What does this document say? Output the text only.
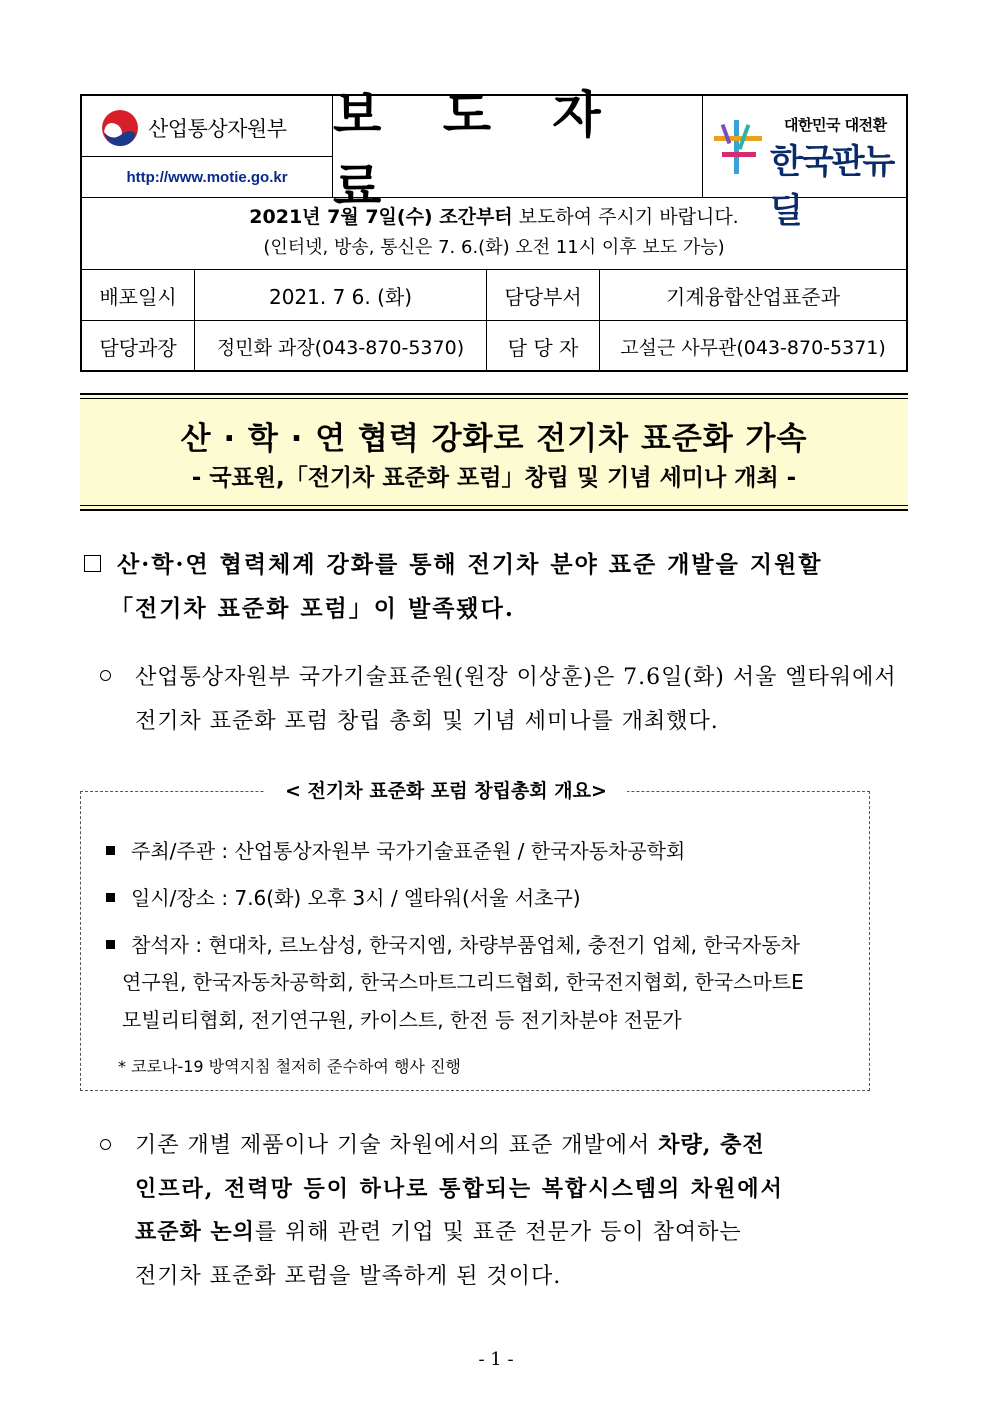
산업통상자원부
http://www.motie.go.kr
보 도 자 료
대한민국 대전환
한국판뉴딜
2021년 7월 7일(수) 조간부터 보도하여 주시기 바랍니다.
(인터넷, 방송, 통신은 7. 6.(화) 오전 11시 이후 보도 가능)
배포일시	2021. 7 6. (화)	담당부서	기계융합산업표준과
담당과장	정민화 과장(043-870-5370)	담 당 자	고설근 사무관(043-870-5371)
산 · 학 · 연 협력 강화로 전기차 표준화 가속
- 국표원,「전기차 표준화 포럼」창립 및 기념 세미나 개최 -
산·학·연 협력체계 강화를 통해 전기차 분야 표준 개발을 지원할
「전기차 표준화 포럼」이 발족됐다.
산업통상자원부 국가기술표준원(원장 이상훈)은 7.6일(화) 서울 엘타워에서
전기차 표준화 포럼 창립 총회 및 기념 세미나를 개최했다.
< 전기차 표준화 포럼 창립총회 개요>
주최/주관 : 산업통상자원부 국가기술표준원 / 한국자동차공학회
일시/장소 : 7.6(화) 오후 3시 / 엘타워(서울 서초구)
참석자 : 현대차, 르노삼성, 한국지엠, 차량부품업체, 충전기 업체, 한국자동차
연구원, 한국자동차공학회, 한국스마트그리드협회, 한국전지협회, 한국스마트E
모빌리티협회, 전기연구원, 카이스트, 한전 등 전기차분야 전문가
* 코로나-19 방역지침 철저히 준수하여 행사 진행
기존 개별 제품이나 기술 차원에서의 표준 개발에서 차량, 충전
인프라, 전력망 등이 하나로 통합되는 복합시스템의 차원에서
표준화 논의를 위해 관련 기업 및 표준 전문가 등이 참여하는
전기차 표준화 포럼을 발족하게 된 것이다.
- 1 -
